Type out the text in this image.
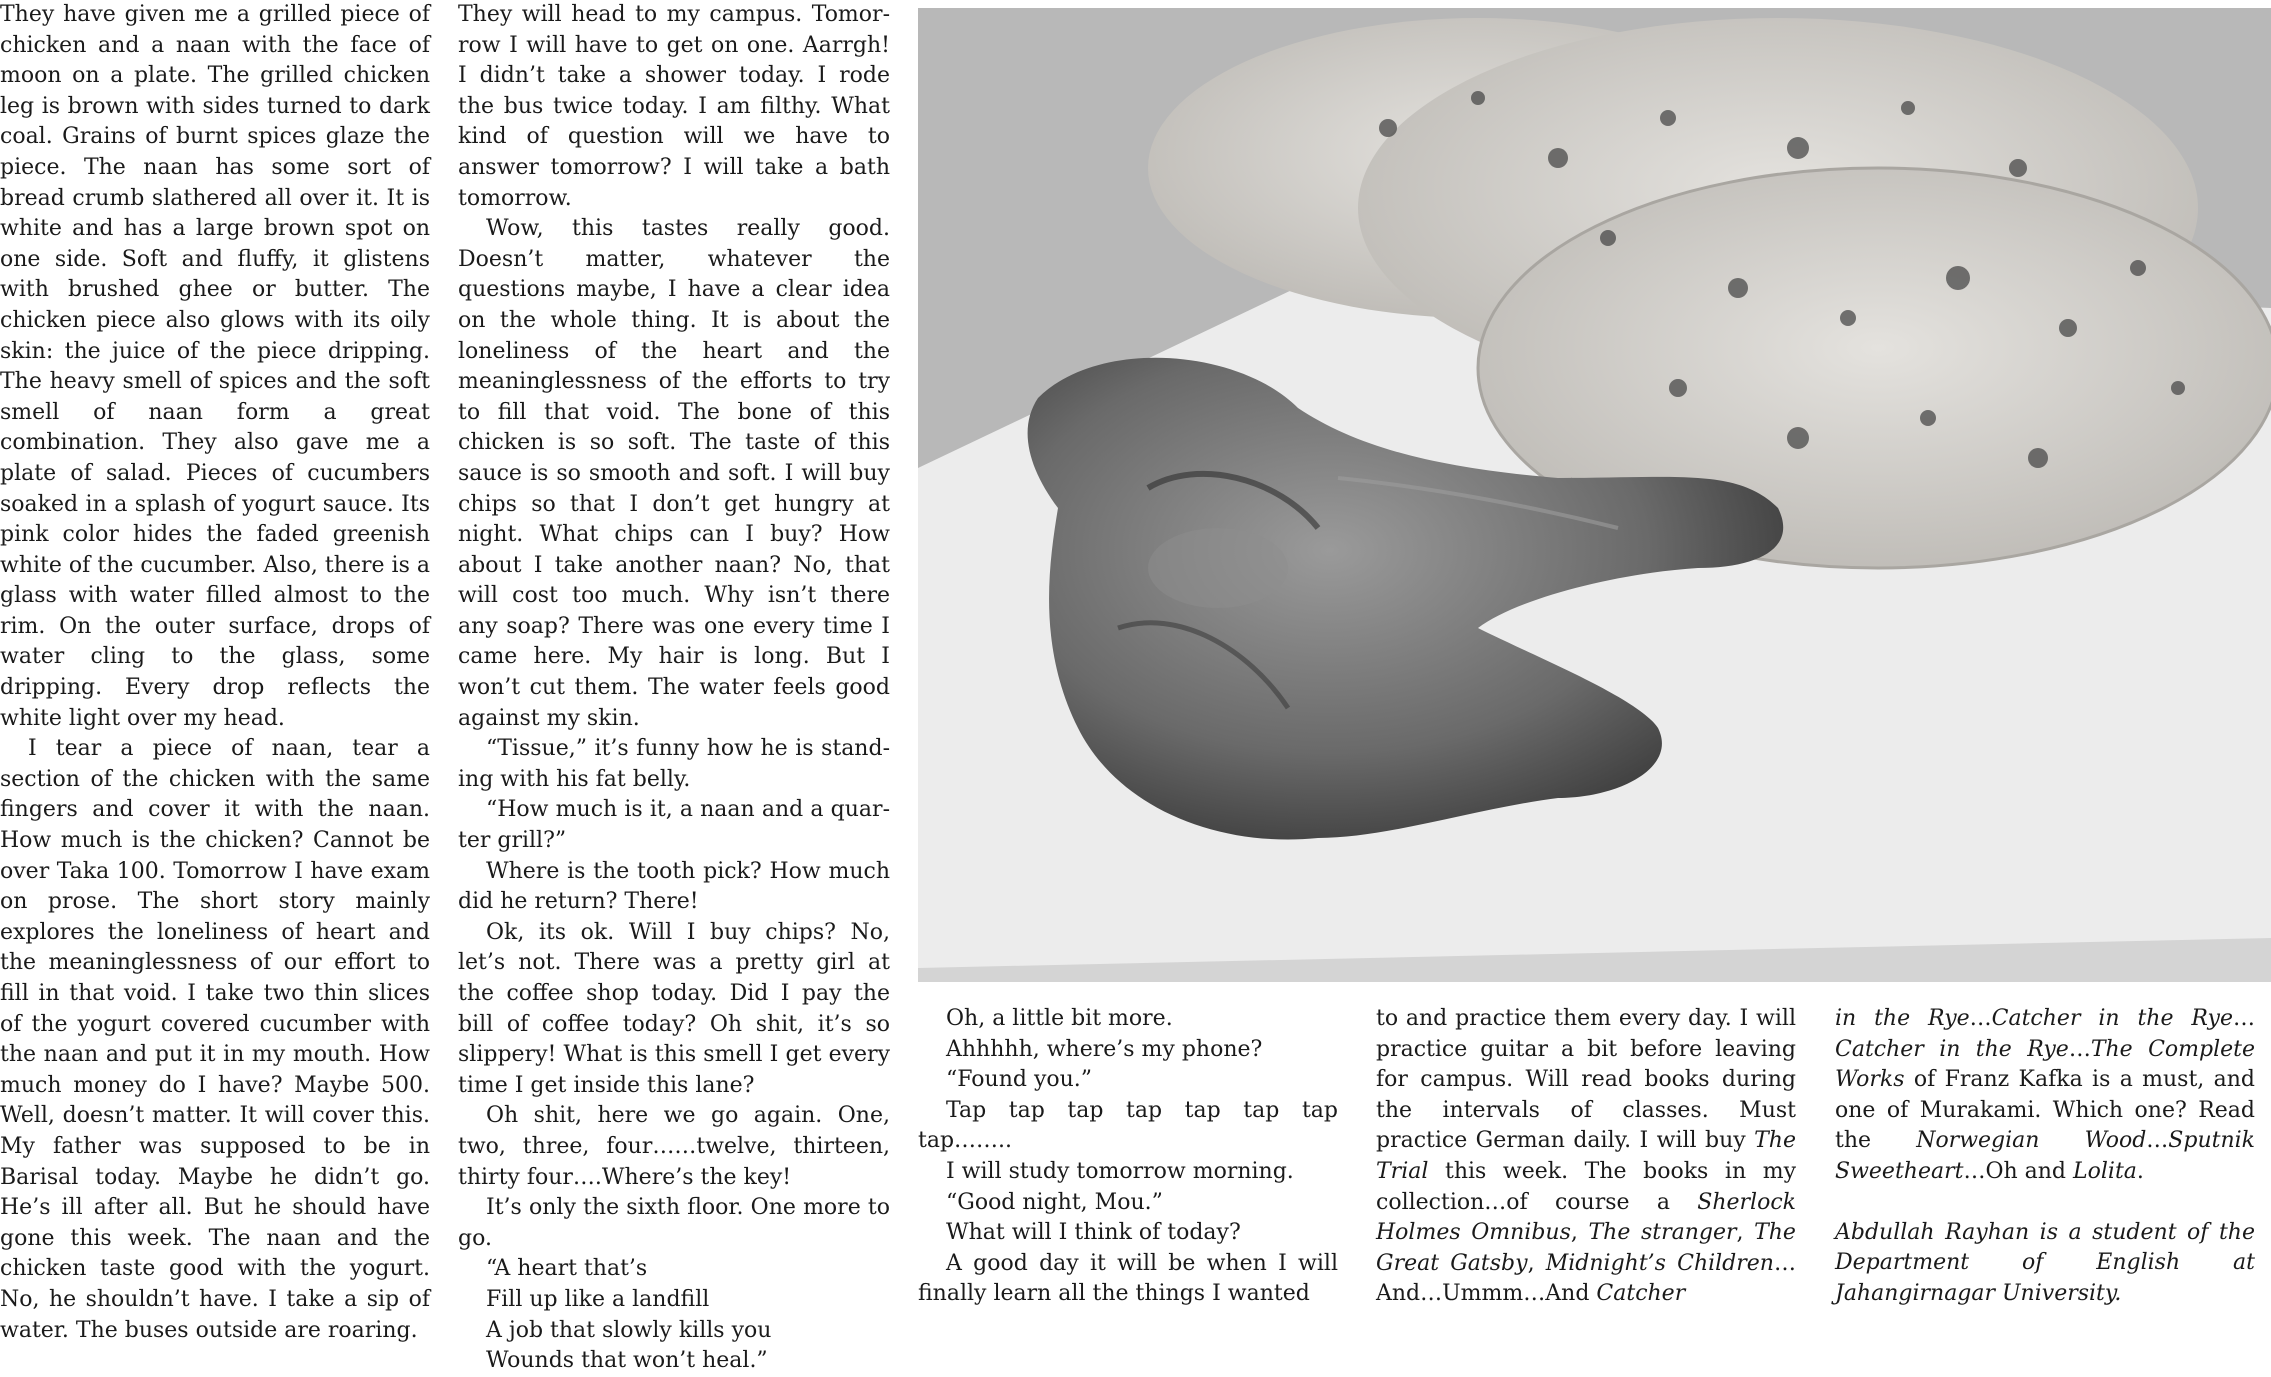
They have given me a grilled piece of chicken and a naan with the face of moon on a plate. The grilled chicken leg is brown with sides turned to dark coal. Grains of burnt spices glaze the piece. The naan has some sort of bread crumb slathered all over it. It is white and has a large brown spot on one side. Soft and fluffy, it glistens with brushed ghee or butter. The chicken piece also glows with its oily skin: the juice of the piece dripping. The heavy smell of spices and the soft smell of naan form a great combination. They also gave me a plate of salad. Pieces of cucumbers soaked in a splash of yogurt sauce. Its pink color hides the faded greenish white of the cucumber. Also, there is a glass with water filled almost to the rim. On the outer surface, drops of water cling to the glass, some dripping. Every drop reflects the white light over my head.

I tear a piece of naan, tear a section of the chicken with the same fingers and cover it with the naan. How much is the chicken? Cannot be over Taka 100. Tomorrow I have exam on prose. The short story mainly explores the loneliness of heart and the meaninglessness of our effort to fill in that void. I take two thin slices of the yogurt covered cucumber with the naan and put it in my mouth. How much money do I have? Maybe 500. Well, doesn’t matter. It will cover this. My father was supposed to be in Barisal today. Maybe he didn’t go. He’s ill after all. But he should have gone this week. The naan and the chicken taste good with the yogurt. No, he shouldn’t have. I take a sip of water. The buses outside are roaring.

They will head to my campus. Tomorrow I will have to get on one. Aarrgh! I didn’t take a shower today. I rode the bus twice today. I am filthy. What kind of question will we have to answer tomorrow? I will take a bath tomorrow.

Wow, this tastes really good. Doesn’t matter, whatever the questions maybe, I have a clear idea on the whole thing. It is about the loneliness of the heart and the meaninglessness of the efforts to try to fill that void. The bone of this chicken is so soft. The taste of this sauce is so smooth and soft. I will buy chips so that I don’t get hungry at night. What chips can I buy? How about I take another naan? No, that will cost too much. Why isn’t there any soap? There was one every time I came here. My hair is long. But I won’t cut them. The water feels good against my skin.

“Tissue,” it’s funny how he is standing with his fat belly.

“How much is it, a naan and a quarter grill?”

Where is the tooth pick? How much did he return? There!

Ok, its ok. Will I buy chips? No, let’s not. There was a pretty girl at the coffee shop today. Did I pay the bill of coffee today? Oh shit, it’s so slippery! What is this smell I get every time I get inside this lane?

Oh shit, here we go again. One, two, three, four……twelve, thirteen, thirty four….Where’s the key!

It’s only the sixth floor. One more to go.

“A heart that’s

Fill up like a landfill

A job that slowly kills you

Wounds that won’t heal.”

Oh, a little bit more.

Ahhhhh, where’s my phone?

“Found you.”

Tap tap tap tap tap tap tap tap……..

I will study tomorrow morning.

“Good night, Mou.”

What will I think of today?

A good day it will be when I will finally learn all the things I wanted

to and practice them every day. I will practice guitar a bit before leaving for campus. Will read books during the intervals of classes. Must practice German daily. I will buy The Trial this week. The books in my collection…of course a Sherlock Holmes Omnibus, The stranger, The Great Gatsby, Midnight’s Children…And…Ummm…And Catcher

in the Rye…Catcher in the Rye…Catcher in the Rye…The Complete Works of Franz Kafka is a must, and one of Murakami. Which one? Read the Norwegian Wood…Sputnik Sweetheart…Oh and Lolita.

Abdullah Rayhan is a student of the Department of English at Jahangirnagar University.
